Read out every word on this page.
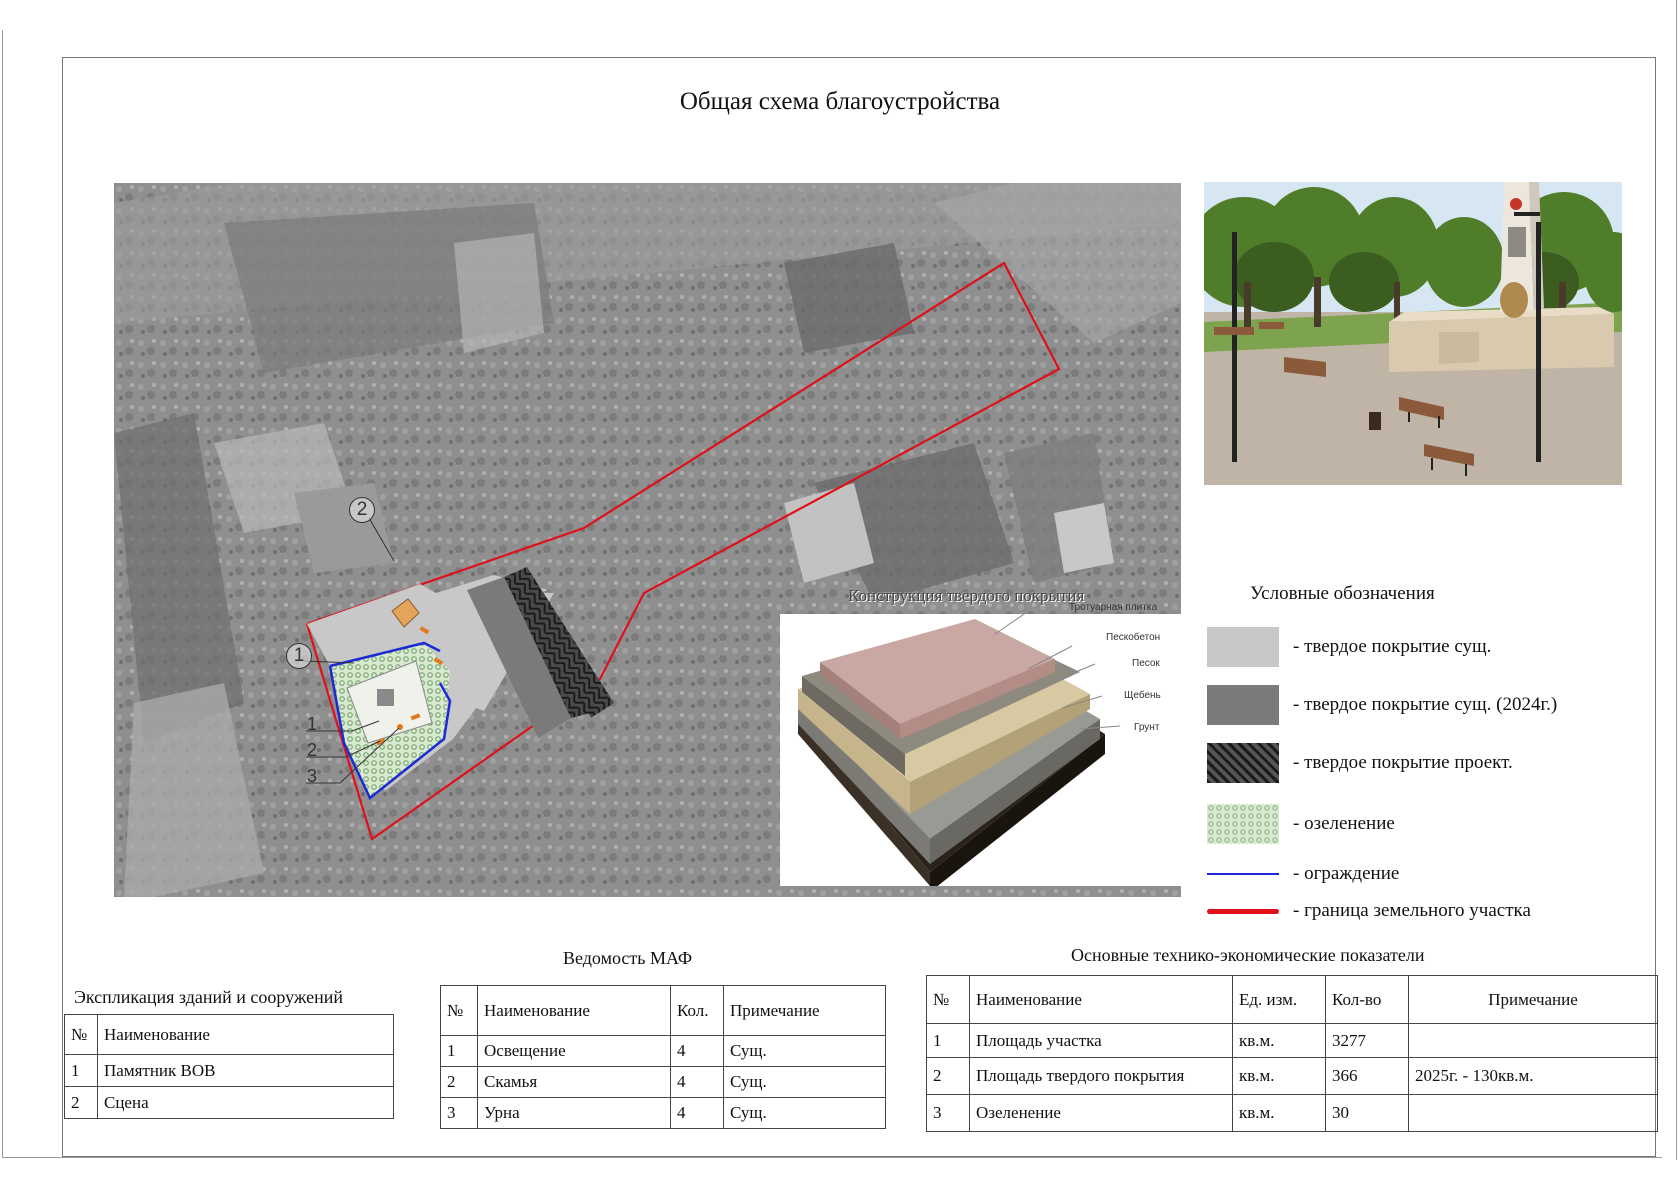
Общая схема благоустройства
1
2
1
2
3
Тротуарная плитка
Пескобетон
Песок
Щебень
Грунт
Конструкция твердого покрытия	Условные обозначения
- твердое покрытие сущ.
- твердое покрытие сущ. (2024г.)
- твердое покрытие проект.
- озеленение
- ограждение
- граница земельного участка
Экспликация зданий и сооружений
№	Наименование
1	Памятник ВОВ
2	Сцена
Ведомость МАФ
№	Наименование	Кол.	Примечание
1	Освещение	4	Сущ.
2	Скамья	4	Сущ.
3	Урна	4	Сущ.
Основные технико-экономические показатели
№	Наименование	Ед. изм.	Кол-во	Примечание
1	Площадь участка	кв.м.	3277	
2	Площадь твердого покрытия	кв.м.	366	2025г. - 130кв.м.
3	Озеленение	кв.м.	30	
